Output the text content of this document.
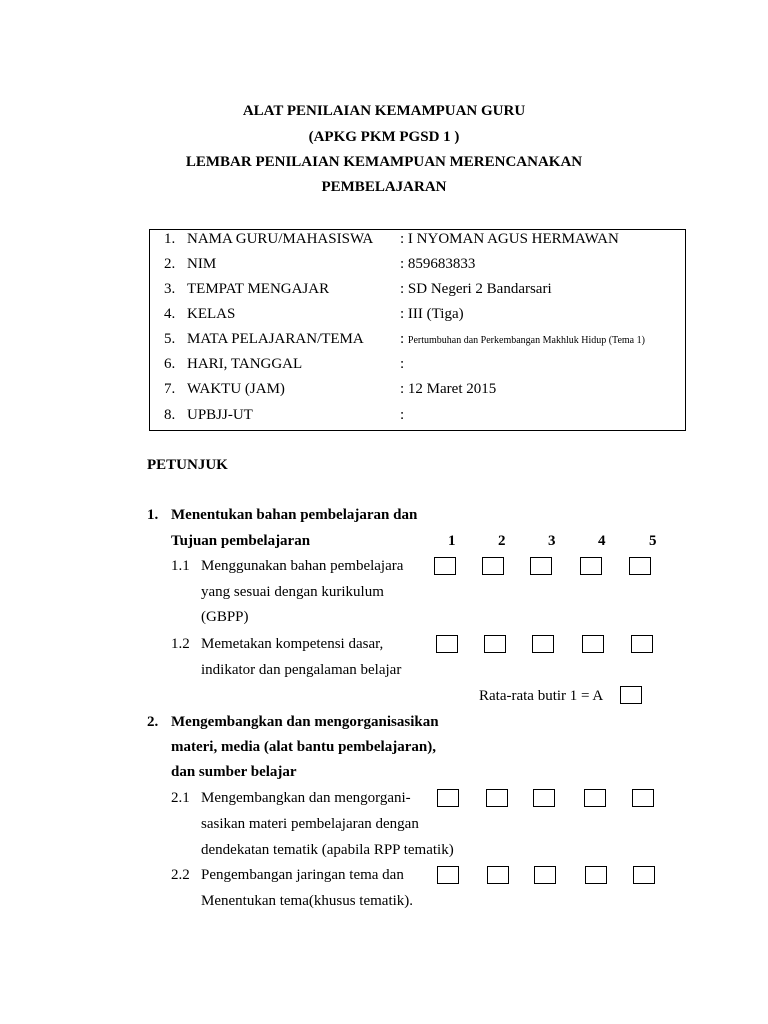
ALAT PENILAIAN KEMAMPUAN GURU
(APKG PKM PGSD 1 )
LEMBAR PENILAIAN KEMAMPUAN MERENCANAKAN
PEMBELAJARAN
1. NAMA GURU/MAHASISWA : I NYOMAN AGUS HERMAWAN
2. NIM	: 859683833
3. TEMPAT MENGAJAR	: SD Negeri 2 Bandarsari
4. KELAS	: III (Tiga)
5. MATA PELAJARAN/TEMA : Pertumbuhan dan Perkembangan Makhluk Hidup (Tema 1)
6. HARI, TANGGAL	:
7. WAKTU (JAM)	: 12 Maret 2015
8. UPBJJ-UT	:
PETUNJUK
1. Menentukan bahan pembelajaran dan
Tujuan pembelajaran	1	2	3	4	5
1.1 Menggunakan bahan pembelajara
yang sesuai dengan kurikulum
(GBPP)
1.2 Memetakan kompetensi dasar,
indikator dan pengalaman belajar
Rata-rata butir 1 = A
2. Mengembangkan dan mengorganisasikan
materi, media (alat bantu pembelajaran),
dan sumber belajar
2.1 Mengembangkan dan mengorgani-
sasikan materi pembelajaran dengan
dendekatan tematik (apabila RPP tematik)
2.2 Pengembangan jaringan tema dan
Menentukan tema(khusus tematik).
